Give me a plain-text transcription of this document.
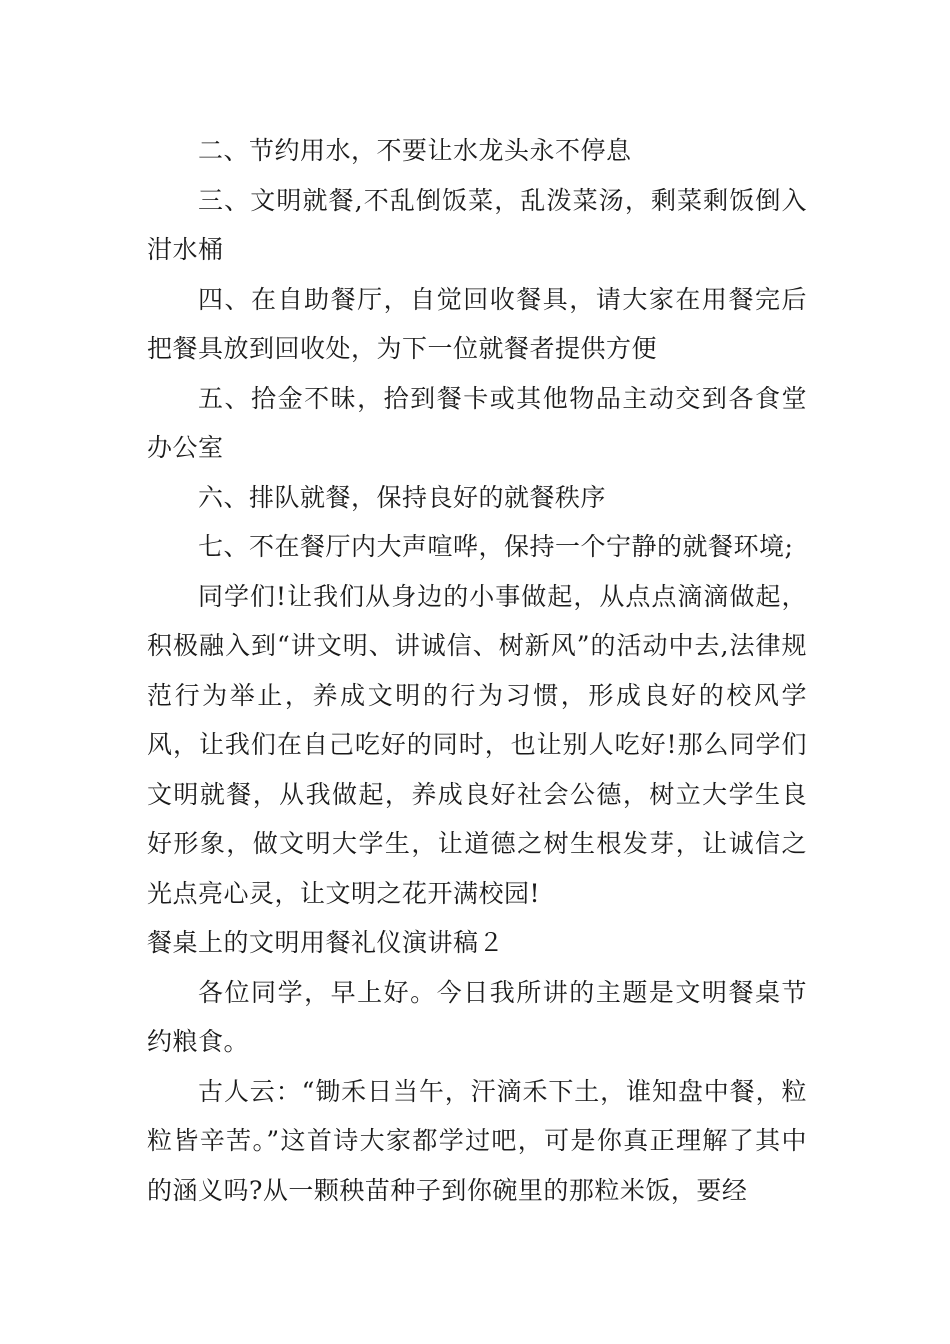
二、节约用水，不要让水龙头永不停息

三、文明就餐,不乱倒饭菜，乱泼菜汤，剩菜剩饭倒入泔水桶

四、在自助餐厅，自觉回收餐具，请大家在用餐完后把餐具放到回收处，为下一位就餐者提供方便

五、拾金不昧，拾到餐卡或其他物品主动交到各食堂办公室

六、排队就餐，保持良好的就餐秩序

七、不在餐厅内大声喧哗，保持一个宁静的就餐环境;

同学们!让我们从身边的小事做起，从点点滴滴做起，积极融入到“讲文明、讲诚信、树新风”的活动中去,法律规范行为举止，养成文明的行为习惯，形成良好的校风学风，让我们在自己吃好的同时，也让别人吃好!那么同学们文明就餐，从我做起，养成良好社会公德，树立大学生良好形象，做文明大学生，让道德之树生根发芽，让诚信之光点亮心灵，让文明之花开满校园!

餐桌上的文明用餐礼仪演讲稿２

各位同学，早上好。今日我所讲的主题是文明餐桌节约粮食。

古人云：“锄禾日当午，汗滴禾下土，谁知盘中餐，粒粒皆辛苦。”这首诗大家都学过吧，可是你真正理解了其中的涵义吗?从一颗秧苗种子到你碗里的那粒米饭，要经
